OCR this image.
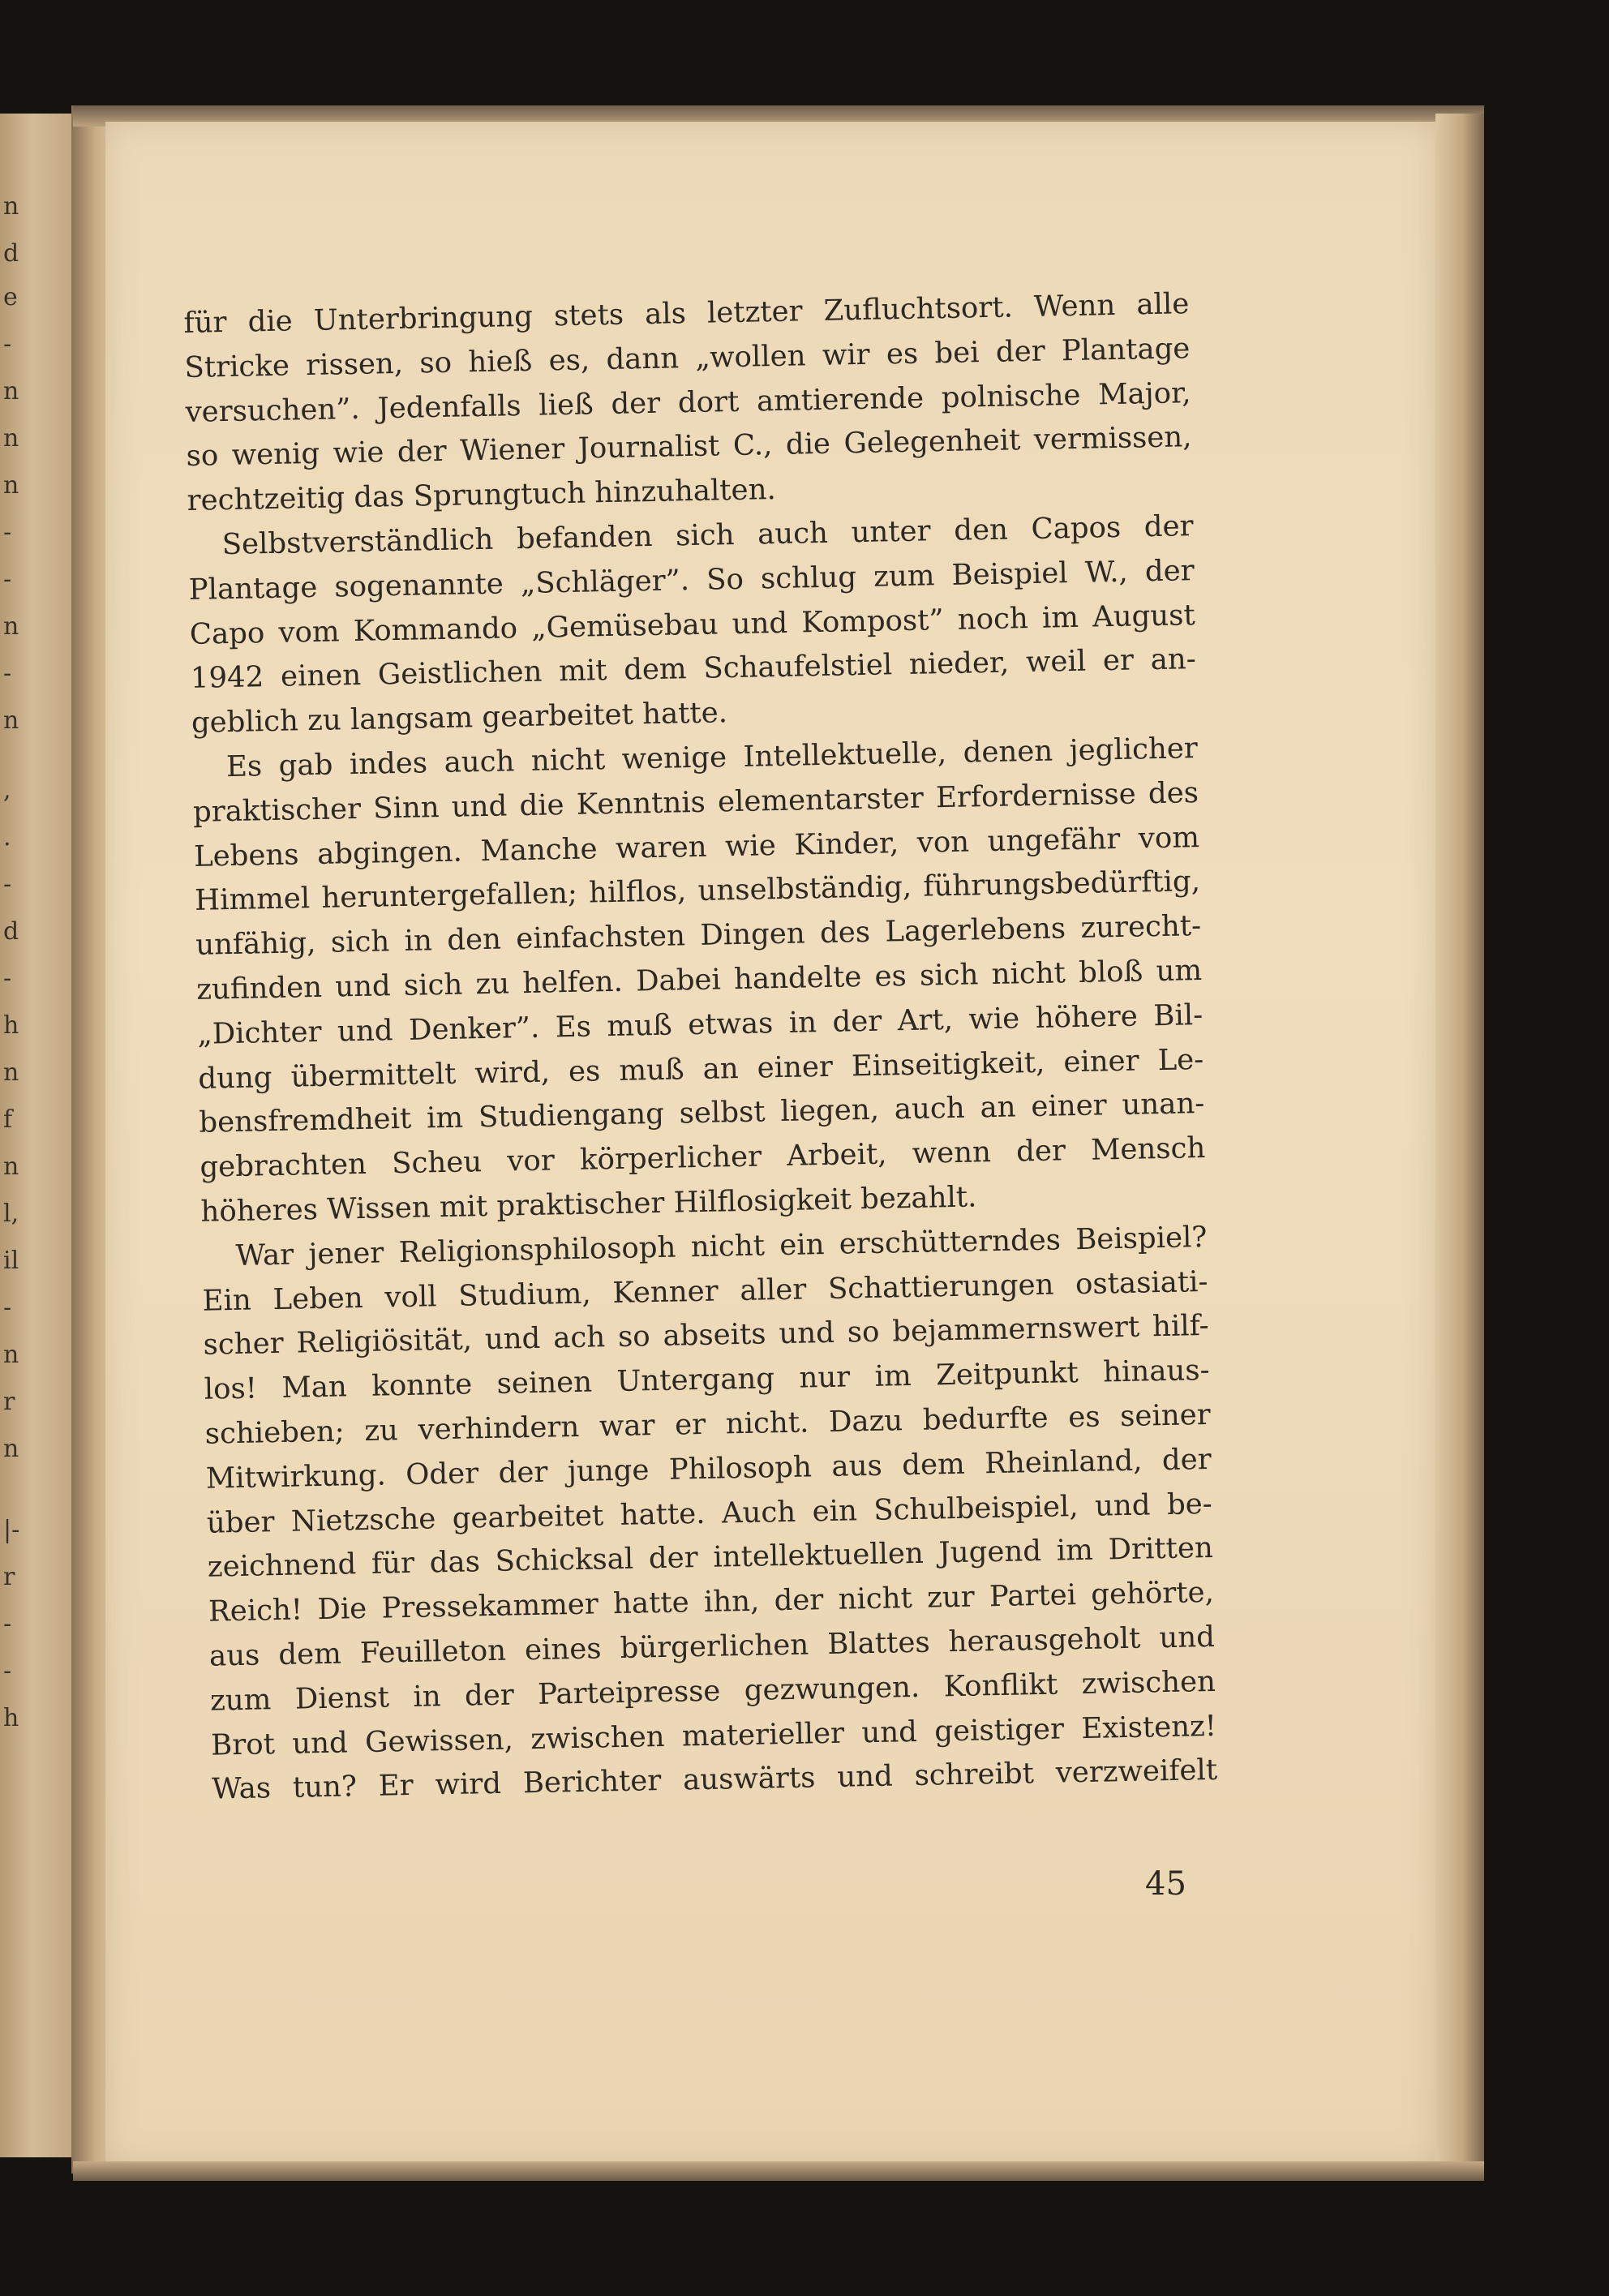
n
d
e
-
n
n
n
-
-
n
-
n
,
.
-
d
-
h
n
f
n
l,
il
-
n
r
n
|-
r
-
-
h
für die Unterbringung stets als letzter Zufluchtsort. Wenn alle
Stricke rissen, so hieß es, dann „wollen wir es bei der Plantage
versuchen”. Jedenfalls ließ der dort amtierende polnische Major,
so wenig wie der Wiener Journalist C., die Gelegenheit vermissen,
rechtzeitig das Sprungtuch hinzuhalten.
Selbstverständlich befanden sich auch unter den Capos der
Plantage sogenannte „Schläger”. So schlug zum Beispiel W., der
Capo vom Kommando „Gemüsebau und Kompost” noch im August
1942 einen Geistlichen mit dem Schaufelstiel nieder, weil er an-
geblich zu langsam gearbeitet hatte.
Es gab indes auch nicht wenige Intellektuelle, denen jeglicher
praktischer Sinn und die Kenntnis elementarster Erfordernisse des
Lebens abgingen. Manche waren wie Kinder, von ungefähr vom
Himmel heruntergefallen; hilflos, unselbständig, führungsbedürftig,
unfähig, sich in den einfachsten Dingen des Lagerlebens zurecht-
zufinden und sich zu helfen. Dabei handelte es sich nicht bloß um
„Dichter und Denker”. Es muß etwas in der Art, wie höhere Bil-
dung übermittelt wird, es muß an einer Einseitigkeit, einer Le-
bensfremdheit im Studiengang selbst liegen, auch an einer unan-
gebrachten Scheu vor körperlicher Arbeit, wenn der Mensch
höheres Wissen mit praktischer Hilflosigkeit bezahlt.
War jener Religionsphilosoph nicht ein erschütterndes Beispiel?
Ein Leben voll Studium, Kenner aller Schattierungen ostasiati-
scher Religiösität, und ach so abseits und so bejammernswert hilf-
los! Man konnte seinen Untergang nur im Zeitpunkt hinaus-
schieben; zu verhindern war er nicht. Dazu bedurfte es seiner
Mitwirkung. Oder der junge Philosoph aus dem Rheinland, der
über Nietzsche gearbeitet hatte. Auch ein Schulbeispiel, und be-
zeichnend für das Schicksal der intellektuellen Jugend im Dritten
Reich! Die Pressekammer hatte ihn, der nicht zur Partei gehörte,
aus dem Feuilleton eines bürgerlichen Blattes herausgeholt und
zum Dienst in der Parteipresse gezwungen. Konflikt zwischen
Brot und Gewissen, zwischen materieller und geistiger Existenz!
Was tun? Er wird Berichter auswärts und schreibt verzweifelt
45
